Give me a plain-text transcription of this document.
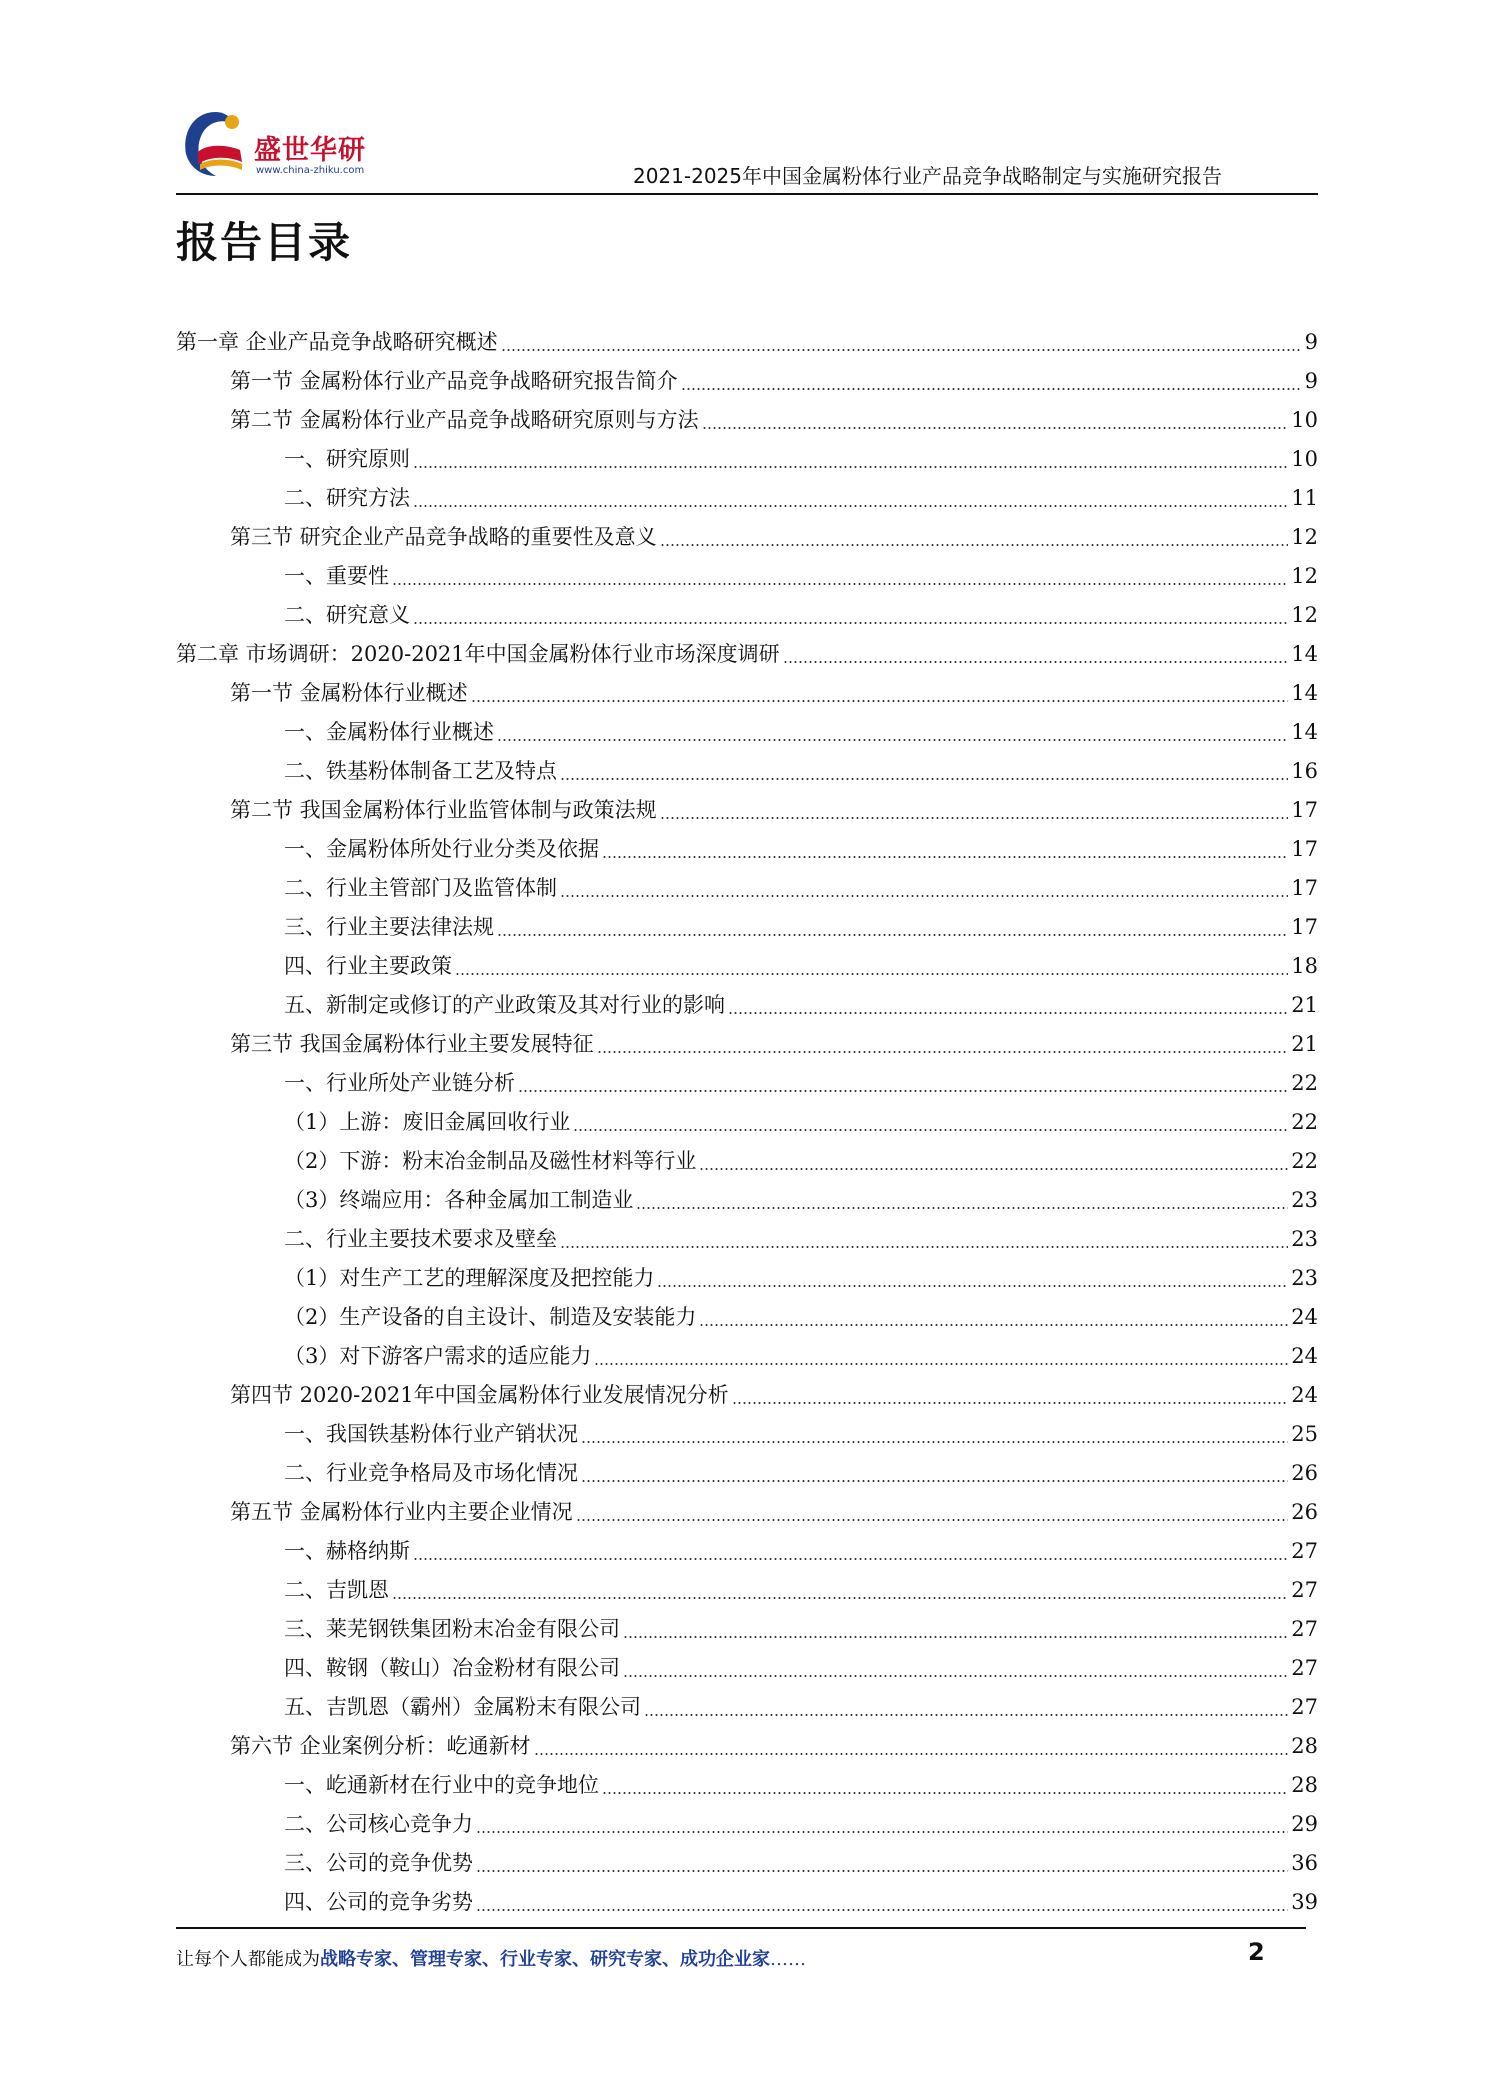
盛世华研
www.china-zhiku.com	2021-2025年中国金属粉体行业产品竞争战略制定与实施研究报告
报告目录
第一章 企业产品竞争战略研究概述	9
第一节 金属粉体行业产品竞争战略研究报告简介	9
第二节 金属粉体行业产品竞争战略研究原则与方法	10
一、研究原则	10
二、研究方法	11
第三节 研究企业产品竞争战略的重要性及意义	12
一、重要性	12
二、研究意义	12
第二章 市场调研：2020-2021年中国金属粉体行业市场深度调研	14
第一节 金属粉体行业概述	14
一、金属粉体行业概述	14
二、铁基粉体制备工艺及特点	16
第二节 我国金属粉体行业监管体制与政策法规	17
一、金属粉体所处行业分类及依据	17
二、行业主管部门及监管体制	17
三、行业主要法律法规	17
四、行业主要政策	18
五、新制定或修订的产业政策及其对行业的影响	21
第三节 我国金属粉体行业主要发展特征	21
一、行业所处产业链分析	22
（1）上游：废旧金属回收行业	22
（2）下游：粉末冶金制品及磁性材料等行业	22
（3）终端应用：各种金属加工制造业	23
二、行业主要技术要求及壁垒	23
（1）对生产工艺的理解深度及把控能力	23
（2）生产设备的自主设计、制造及安装能力	24
（3）对下游客户需求的适应能力	24
第四节 2020-2021年中国金属粉体行业发展情况分析	24
一、我国铁基粉体行业产销状况	25
二、行业竞争格局及市场化情况	26
第五节 金属粉体行业内主要企业情况	26
一、赫格纳斯	27
二、吉凯恩	27
三、莱芜钢铁集团粉末冶金有限公司	27
四、鞍钢（鞍山）冶金粉材有限公司	27
五、吉凯恩（霸州）金属粉末有限公司	27
第六节 企业案例分析：屹通新材	28
一、屹通新材在行业中的竞争地位	28
二、公司核心竞争力	29
三、公司的竞争优势	36
四、公司的竞争劣势	39
让每个人都能成为战略专家、管理专家、行业专家、研究专家、成功企业家……	2
